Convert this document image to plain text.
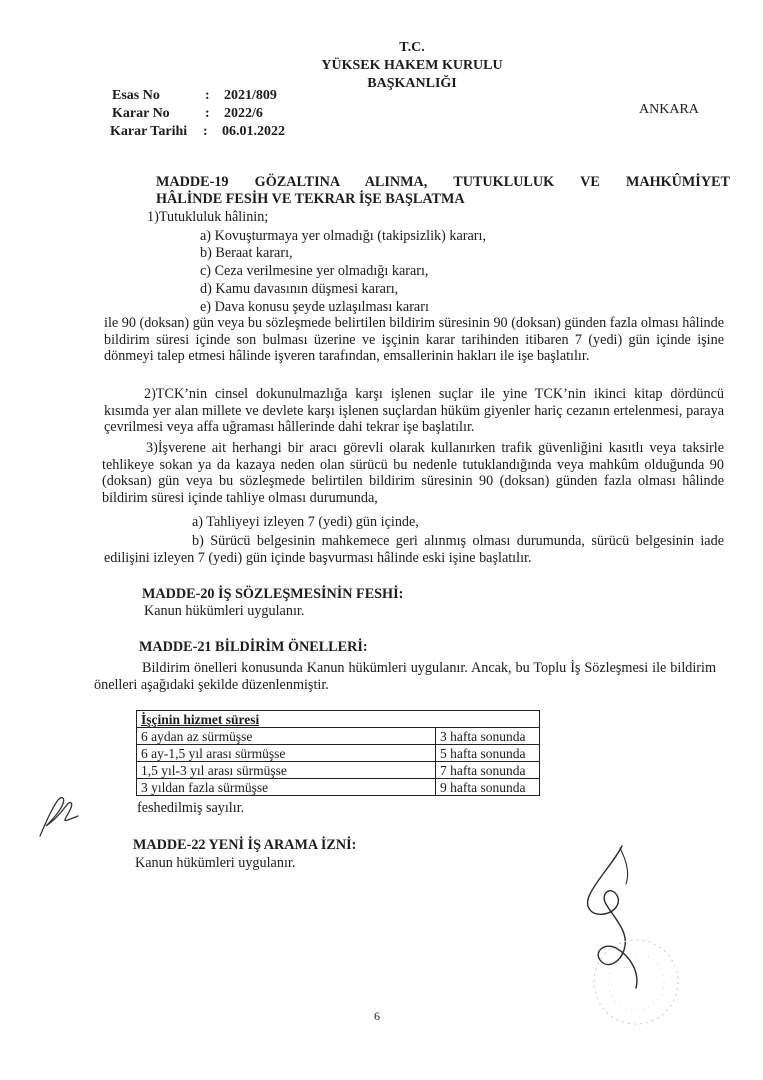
T.C.
YÜKSEK HAKEM KURULU
BAŞKANLIĞI
ANKARA
Esas No	: 2021/809
Karar No	: 2022/6
Karar Tarihi : 06.01.2022
MADDE-19 GÖZALTINA ALINMA, TUTUKLULUK VE MAHKÛMİYET
HÂLİNDE FESİH VE TEKRAR İŞE BAŞLATMA
1)Tutukluluk hâlinin;
a) Kovuşturmaya yer olmadığı (takipsizlik) kararı,
b) Beraat kararı,
c) Ceza verilmesine yer olmadığı kararı,
d) Kamu davasının düşmesi kararı,
e) Dava konusu şeyde uzlaşılması kararı
ile 90 (doksan) gün veya bu sözleşmede belirtilen bildirim süresinin 90 (doksan) günden fazla olması hâlinde bildirim süresi içinde son bulması üzerine ve işçinin karar tarihinden itibaren 7 (yedi) gün içinde işine dönmeyi talep etmesi hâlinde işveren tarafından, emsallerinin hakları ile işe başlatılır.
2)TCK’nin cinsel dokunulmazlığa karşı işlenen suçlar ile yine TCK’nin ikinci kitap dördüncü kısımda yer alan millete ve devlete karşı işlenen suçlardan hüküm giyenler hariç cezanın ertelenmesi, paraya çevrilmesi veya affa uğraması hâllerinde dahi tekrar işe başlatılır.
3)İşverene ait herhangi bir aracı görevli olarak kullanırken trafik güvenliğini kasıtlı veya taksirle tehlikeye sokan ya da kazaya neden olan sürücü bu nedenle tutuklandığında veya mahkûm olduğunda 90 (doksan) gün veya bu sözleşmede belirtilen bildirim süresinin 90 (doksan) günden fazla olması hâlinde bildirim süresi içinde tahliye olması durumunda,
a) Tahliyeyi izleyen 7 (yedi) gün içinde,
b) Sürücü belgesinin mahkemece geri alınmış olması durumunda, sürücü belgesinin iade edilişini izleyen 7 (yedi) gün içinde başvurması hâlinde eski işine başlatılır.
MADDE-20 İŞ SÖZLEŞMESİNİN FESHİ:
Kanun hükümleri uygulanır.
MADDE-21 BİLDİRİM ÖNELLERİ:
Bildirim önelleri konusunda Kanun hükümleri uygulanır. Ancak, bu Toplu İş Sözleşmesi ile bildirim önelleri aşağıdaki şekilde düzenlenmiştir.
İşçinin hizmet süresi	
6 aydan az sürmüşse	3 hafta sonunda
6 ay-1,5 yıl arası sürmüşse	5 hafta sonunda
1,5 yıl-3 yıl arası sürmüşse	7 hafta sonunda
3 yıldan fazla sürmüşse	9 hafta sonunda
feshedilmiş sayılır.
MADDE-22 YENİ İŞ ARAMA İZNİ:
Kanun hükümleri uygulanır.
6
